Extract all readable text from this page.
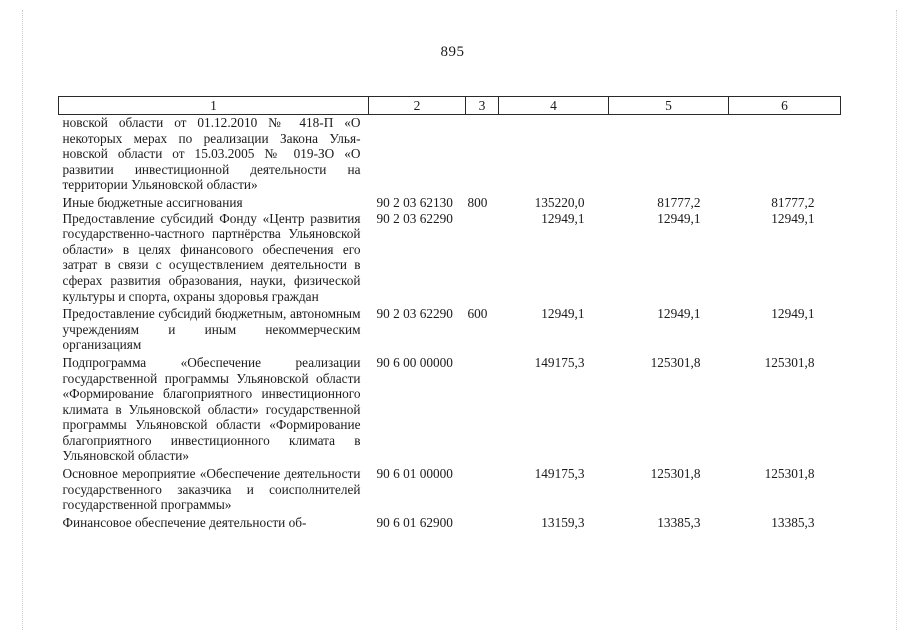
895
1	2	3	4	5	6
новской области от 01.12.2010 № 418-П «О некоторых мерах по реализации Закона Ульяновской области от 15.03.2005 № 019-ЗО «О развитии инвестиционной деятельности на территории Ульяновской области»					
Иные бюджетные ассигнования	90 2 03 62130	800	135220,0	81777,2	81777,2
Предоставление субсидий Фонду «Центр развития государственно-частного партнёрства Ульяновской области» в целях финансового обеспечения его затрат в связи с осуществлением деятельности в сферах развития образования, науки, физической культуры и спорта, охраны здоровья граждан	90 2 03 62290		12949,1	12949,1	12949,1
Предоставление субсидий бюджетным, автономным учреждениям и иным некоммерческим организациям	90 2 03 62290	600	12949,1	12949,1	12949,1
Подпрограмма «Обеспечение реализации государственной программы Ульяновской области «Формирование благоприятного инвестиционного климата в Ульяновской области» государственной программы Ульяновской области «Формирование благоприятного инвестиционного климата в Ульяновской области»	90 6 00 00000		149175,3	125301,8	125301,8
Основное мероприятие «Обеспечение деятельности государственного заказчика и соисполнителей государственной программы»	90 6 01 00000		149175,3	125301,8	125301,8
Финансовое обеспечение деятельности об-	90 6 01 62900		13159,3	13385,3	13385,3
